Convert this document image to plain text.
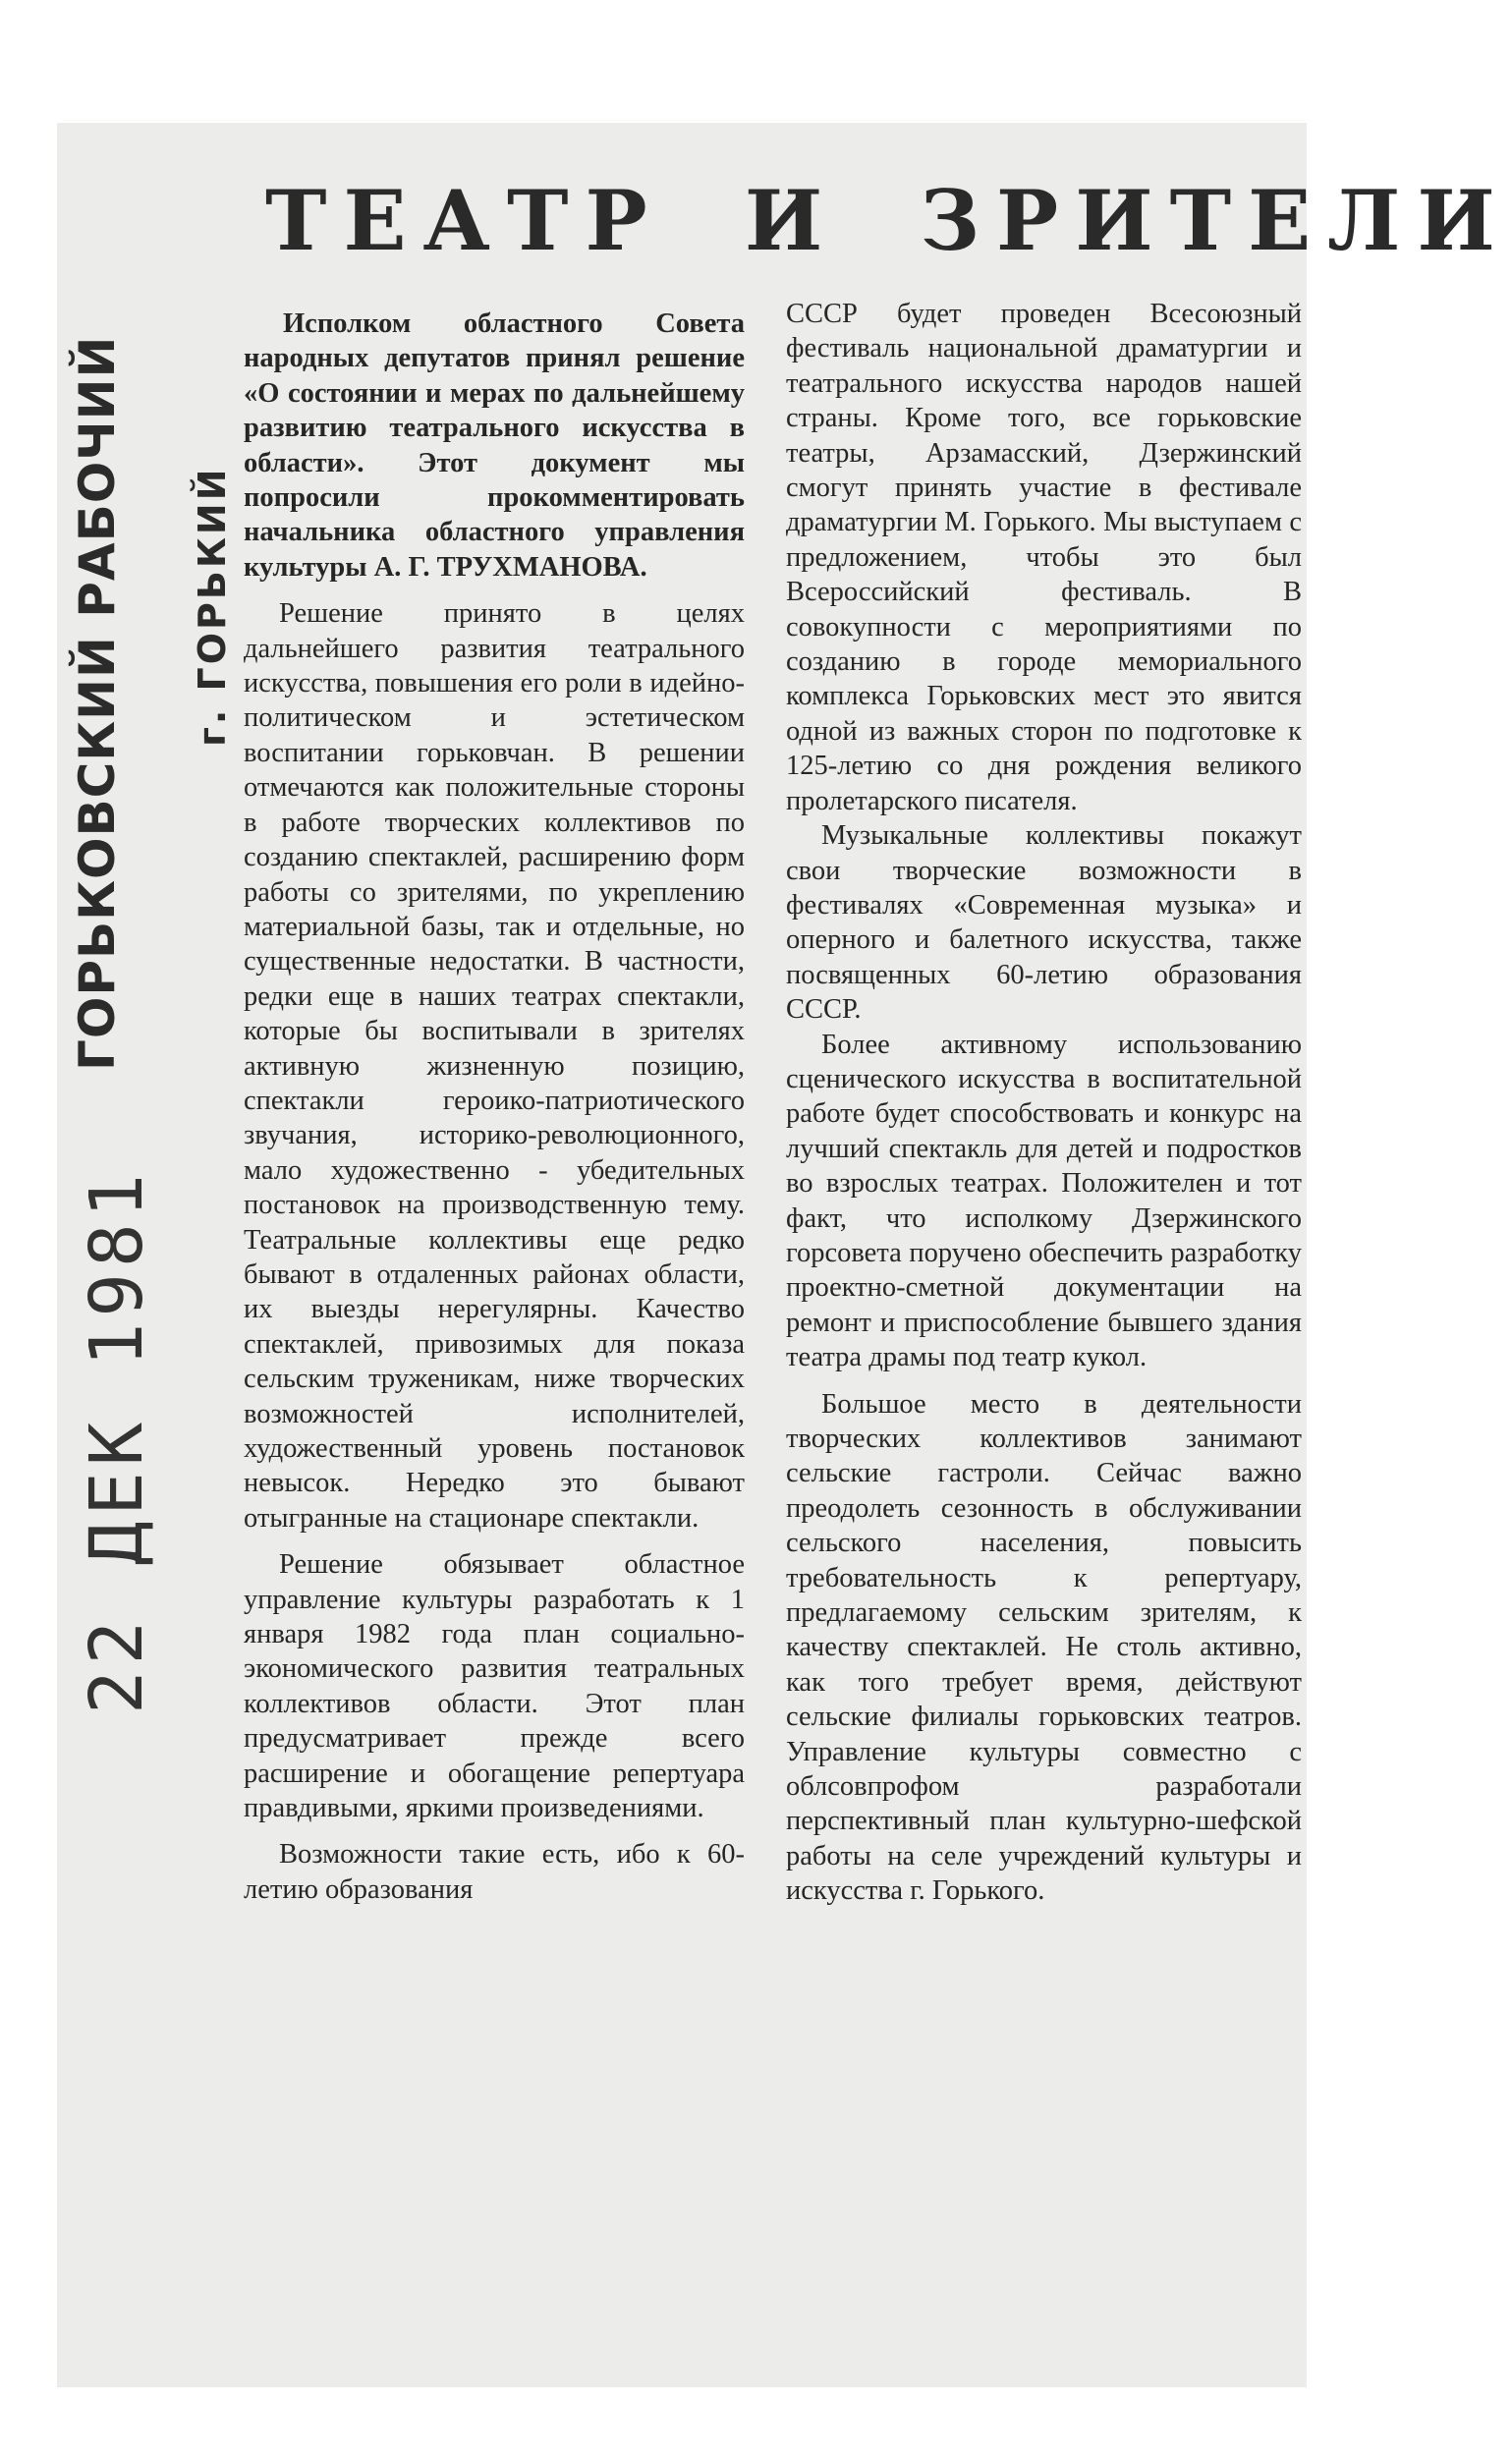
ГОРЬКОВСКИЙ РАБОЧИЙ г. ГОРЬКИЙ
22 ДЕК 1981
ТЕАТР И ЗРИТЕЛИ

Исполком областного Совета народных депутатов принял решение «О состоянии и мерах по дальнейшему развитию театрального искусства в области». Этот документ мы попросили прокомментировать начальника областного управления культуры А. Г. ТРУХМАНОВА.

Решение принято в целях дальнейшего развития театрального искусства, повышения его роли в идейно-политическом и эстетическом воспитании горьковчан. В решении отмечаются как положительные стороны в работе творческих коллективов по созданию спектаклей, расширению форм работы со зрителями, по укреплению материальной базы, так и отдельные, но существенные недостатки. В частности, редки еще в наших театрах спектакли, которые бы воспитывали в зрителях активную жизненную позицию, спектакли героико-патриотического звучания, историко-революционного, мало художественно - убедительных постановок на производственную тему. Театральные коллективы еще редко бывают в отдаленных районах области, их выезды нерегулярны. Качество спектаклей, привозимых для показа сельским труженикам, ниже творческих возможностей исполнителей, художественный уровень постановок невысок. Нередко это бывают отыгранные на стационаре спектакли.

Решение обязывает областное управление культуры разработать к 1 января 1982 года план социально-экономического развития театральных коллективов области. Этот план предусматривает прежде всего расширение и обогащение репертуара правдивыми, яркими произведениями.

Возможности такие есть, ибо к 60-летию образования

СССР будет проведен Всесоюзный фестиваль национальной драматургии и театрального искусства народов нашей страны. Кроме того, все горьковские театры, Арзамасский, Дзержинский смогут принять участие в фестивале драматургии М. Горького. Мы выступаем с предложением, чтобы это был Всероссийский фестиваль. В совокупности с мероприятиями по созданию в городе мемориального комплекса Горьковских мест это явится одной из важных сторон по подготовке к 125-летию со дня рождения великого пролетарского писателя.

Музыкальные коллективы покажут свои творческие возможности в фестивалях «Современная музыка» и оперного и балетного искусства, также посвященных 60-летию образования СССР.

Более активному использованию сценического искусства в воспитательной работе будет способствовать и конкурс на лучший спектакль для детей и подростков во взрослых театрах. Положителен и тот факт, что исполкому Дзержинского горсовета поручено обеспечить разработку проектно-сметной документации на ремонт и приспособление бывшего здания театра драмы под театр кукол.

Большое место в деятельности творческих коллективов занимают сельские гастроли. Сейчас важно преодолеть сезонность в обслуживании сельского населения, повысить требовательность к репертуару, предлагаемому сельским зрителям, к качеству спектаклей. Не столь активно, как того требует время, действуют сельские филиалы горьковских театров. Управление культуры совместно с облсовпрофом разработали перспективный план культурно-шефской работы на селе учреждений культуры и искусства г. Горького.
